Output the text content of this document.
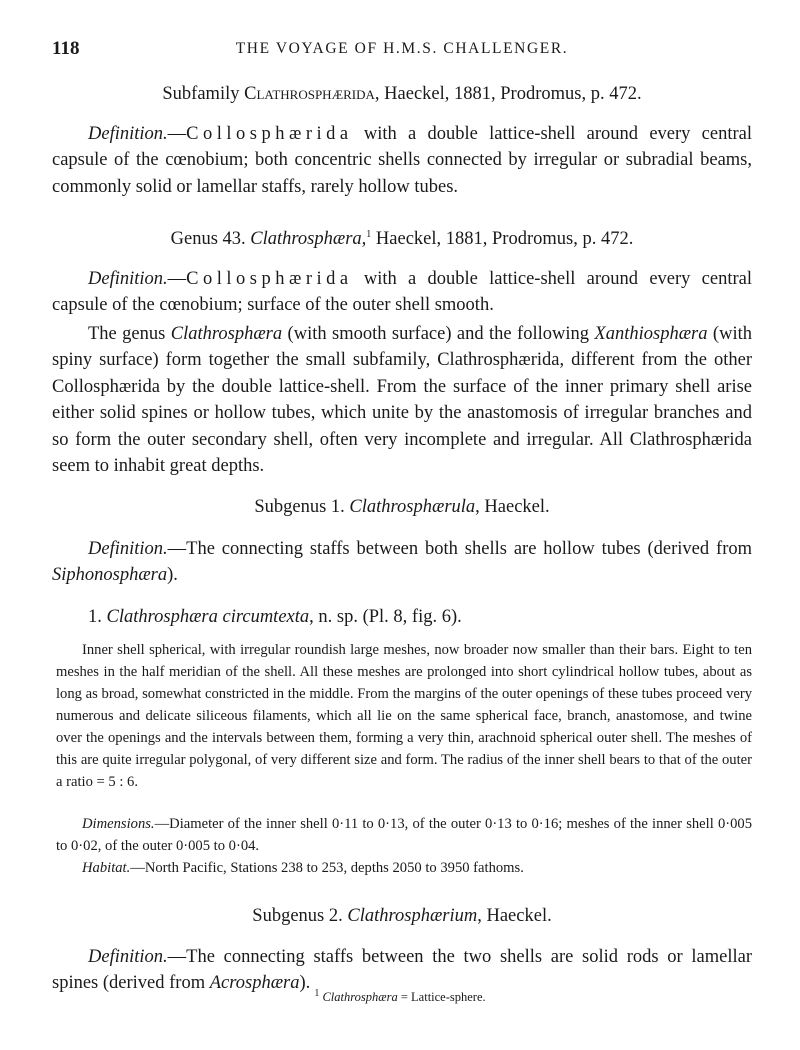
118	THE VOYAGE OF H.M.S. CHALLENGER.
Subfamily Clathrosphærida, Haeckel, 1881, Prodromus, p. 472.

Definition.—Collosphærida with a double lattice-shell around every central capsule of the cœnobium; both concentric shells connected by irregular or subradial beams, commonly solid or lamellar staffs, rarely hollow tubes.

Genus 43. Clathrosphæra,$^1$ Haeckel, 1881, Prodromus, p. 472.

Definition.—Collosphærida with a double lattice-shell around every central capsule of the cœnobium; surface of the outer shell smooth.

The genus Clathrosphæra (with smooth surface) and the following Xanthiosphæra (with spiny surface) form together the small subfamily, Clathrosphærida, different from the other Collosphærida by the double lattice-shell. From the surface of the inner primary shell arise either solid spines or hollow tubes, which unite by the anastomosis of irregular branches and so form the outer secondary shell, often very incomplete and irregular. All Clathrosphærida seem to inhabit great depths.

Subgenus 1. Clathrosphærula, Haeckel.

Definition.—The connecting staffs between both shells are hollow tubes (derived from Siphonosphæra).

1. Clathrosphæra circumtexta, n. sp. (Pl. 8, fig. 6).

Inner shell spherical, with irregular roundish large meshes, now broader now smaller than their bars. Eight to ten meshes in the half meridian of the shell. All these meshes are prolonged into short cylindrical hollow tubes, about as long as broad, somewhat constricted in the middle. From the margins of the outer openings of these tubes proceed very numerous and delicate siliceous filaments, which all lie on the same spherical face, branch, anastomose, and twine over the openings and the intervals between them, forming a very thin, arachnoid spherical outer shell. The meshes of this are quite irregular polygonal, of very different size and form. The radius of the inner shell bears to that of the outer a ratio = 5 : 6.

Dimensions.—Diameter of the inner shell 0·11 to 0·13, of the outer 0·13 to 0·16; meshes of the inner shell 0·005 to 0·02, of the outer 0·005 to 0·04.

Habitat.—North Pacific, Stations 238 to 253, depths 2050 to 3950 fathoms.

Subgenus 2. Clathrosphærium, Haeckel.

Definition.—The connecting staffs between the two shells are solid rods or lamellar spines (derived from Acrosphæra).

$^1$ Clathrosphæra = Lattice-sphere.
